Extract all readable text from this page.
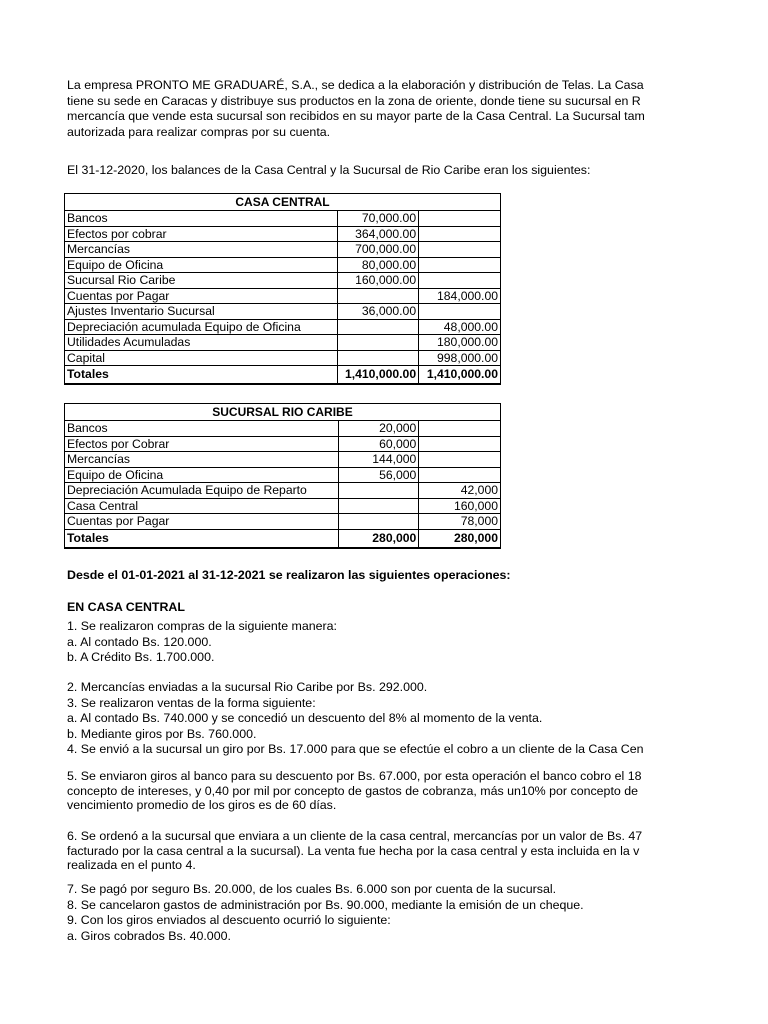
La empresa PRONTO ME GRADUARÉ, S.A., se dedica a la elaboración y distribución de Telas. La Casa
tiene su sede en Caracas y distribuye sus productos en la zona de oriente, donde tiene su sucursal en R
mercancía que vende esta sucursal son recibidos en su mayor parte de la Casa Central. La Sucursal tam
autorizada para realizar compras por su cuenta.
El 31-12-2020, los balances de la Casa Central y la Sucursal de Rio Caribe eran los siguientes:
CASA CENTRAL		
Bancos	70,000.00	
Efectos por cobrar	364,000.00	
Mercancías	700,000.00	
Equipo de Oficina	80,000.00	
Sucursal Rio Caribe	160,000.00	
Cuentas por Pagar		184,000.00
Ajustes Inventario Sucursal	36,000.00	
Depreciación acumulada Equipo de Oficina		48,000.00
Utilidades Acumuladas		180,000.00
Capital		998,000.00
Totales	1,410,000.00	1,410,000.00
SUCURSAL RIO CARIBE		
Bancos	20,000	
Efectos por Cobrar	60,000	
Mercancías	144,000	
Equipo de Oficina	56,000	
Depreciación Acumulada Equipo de Reparto		42,000
Casa Central		160,000
Cuentas por Pagar		78,000
Totales	280,000	280,000
Desde el 01-01-2021 al 31-12-2021 se realizaron las siguientes operaciones:
EN CASA CENTRAL
1. Se realizaron compras de la siguiente manera:
a. Al contado Bs. 120.000.
b. A Crédito Bs. 1.700.000.
2. Mercancías enviadas a la sucursal Rio Caribe por Bs. 292.000.
3. Se realizaron ventas de la forma siguiente:
a. Al contado Bs. 740.000 y se concedió un descuento del 8% al momento de la venta.
b. Mediante giros por Bs. 760.000.
4. Se envió a la sucursal un giro por Bs. 17.000 para que se efectúe el cobro a un cliente de la Casa Cen
5. Se enviaron giros al banco para su descuento por Bs. 67.000, por esta operación el banco cobro el 18
concepto de intereses, y 0,40 por mil por concepto de gastos de cobranza, más un10% por concepto de
vencimiento promedio de los giros es de 60 días.
6. Se ordenó a la sucursal que enviara a un cliente de la casa central, mercancías por un valor de Bs. 47
facturado por la casa central a la sucursal). La venta fue hecha por la casa central y esta incluida en la v
realizada en el punto 4.
7. Se pagó por seguro Bs. 20.000, de los cuales Bs. 6.000 son por cuenta de la sucursal.
8. Se cancelaron gastos de administración por Bs. 90.000, mediante la emisión de un cheque.
9. Con los giros enviados al descuento ocurrió lo siguiente:
a. Giros cobrados Bs. 40.000.
